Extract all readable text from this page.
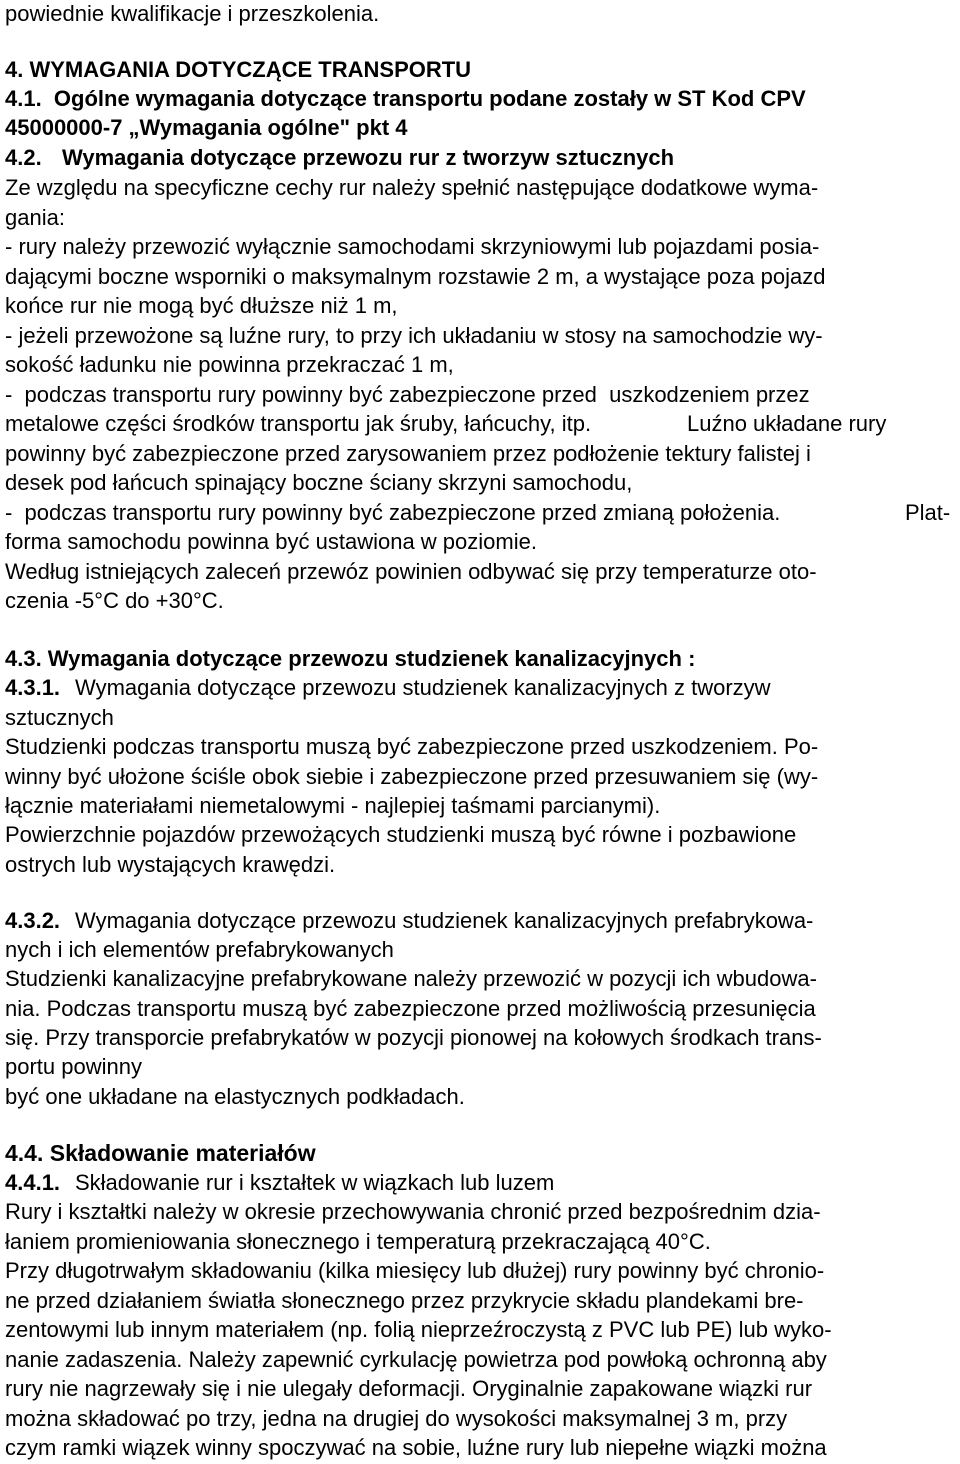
powiednie kwalifikacje i przeszkolenia.
4. WYMAGANIA DOTYCZĄCE TRANSPORTU
4.1.  Ogólne wymagania dotyczące transportu podane zostały w ST Kod CPV
45000000-7 „Wymagania ogólne" pkt 4
4.2. Wymagania dotyczące przewozu rur z tworzyw sztucznych
Ze względu na specyficzne cechy rur należy spełnić następujące dodatkowe wyma-
gania:
- rury należy przewozić wyłącznie samochodami skrzyniowymi lub pojazdami posia-
dającymi boczne wsporniki o maksymalnym rozstawie 2 m, a wystające poza pojazd
końce rur nie mogą być dłuższe niż 1 m,
- jeżeli przewożone są luźne rury, to przy ich układaniu w stosy na samochodzie wy-
sokość ładunku nie powinna przekraczać 1 m,
-  podczas transportu rury powinny być zabezpieczone przed  uszkodzeniem przez
metalowe części środków transportu jak śruby, łańcuchy, itp.	Luźno układane rury
powinny być zabezpieczone przed zarysowaniem przez podłożenie tektury falistej i
desek pod łańcuch spinający boczne ściany skrzyni samochodu,
-  podczas transportu rury powinny być zabezpieczone przed zmianą położenia.	Plat-
forma samochodu powinna być ustawiona w poziomie.
Według istniejących zaleceń przewóz powinien odbywać się przy temperaturze oto-
czenia -5°C do +30°C.
4.3. Wymagania dotyczące przewozu studzienek kanalizacyjnych :
4.3.1. Wymagania dotyczące przewozu studzienek kanalizacyjnych z tworzyw
sztucznych
Studzienki podczas transportu muszą być zabezpieczone przed uszkodzeniem. Po-
winny być ułożone ściśle obok siebie i zabezpieczone przed przesuwaniem się (wy-
łącznie materiałami niemetalowymi - najlepiej taśmami parcianymi).
Powierzchnie pojazdów przewożących studzienki muszą być równe i pozbawione
ostrych lub wystających krawędzi.
4.3.2. Wymagania dotyczące przewozu studzienek kanalizacyjnych prefabrykowa-
nych i ich elementów prefabrykowanych
Studzienki kanalizacyjne prefabrykowane należy przewozić w pozycji ich wbudowa-
nia. Podczas transportu muszą być zabezpieczone przed możliwością przesunięcia
się. Przy transporcie prefabrykatów w pozycji pionowej na kołowych środkach trans-
portu powinny
być one układane na elastycznych podkładach.
4.4. Składowanie materiałów
4.4.1. Składowanie rur i kształtek w wiązkach lub luzem
Rury i kształtki należy w okresie przechowywania chronić przed bezpośrednim dzia-
łaniem promieniowania słonecznego i temperaturą przekraczającą 40°C.
Przy długotrwałym składowaniu (kilka miesięcy lub dłużej) rury powinny być chronio-
ne przed działaniem światła słonecznego przez przykrycie składu plandekami bre-
zentowymi lub innym materiałem (np. folią nieprzeźroczystą z PVC lub PE) lub wyko-
nanie zadaszenia. Należy zapewnić cyrkulację powietrza pod powłoką ochronną aby
rury nie nagrzewały się i nie ulegały deformacji. Oryginalnie zapakowane wiązki rur
można składować po trzy, jedna na drugiej do wysokości maksymalnej 3 m, przy
czym ramki wiązek winny spoczywać na sobie, luźne rury lub niepełne wiązki można
